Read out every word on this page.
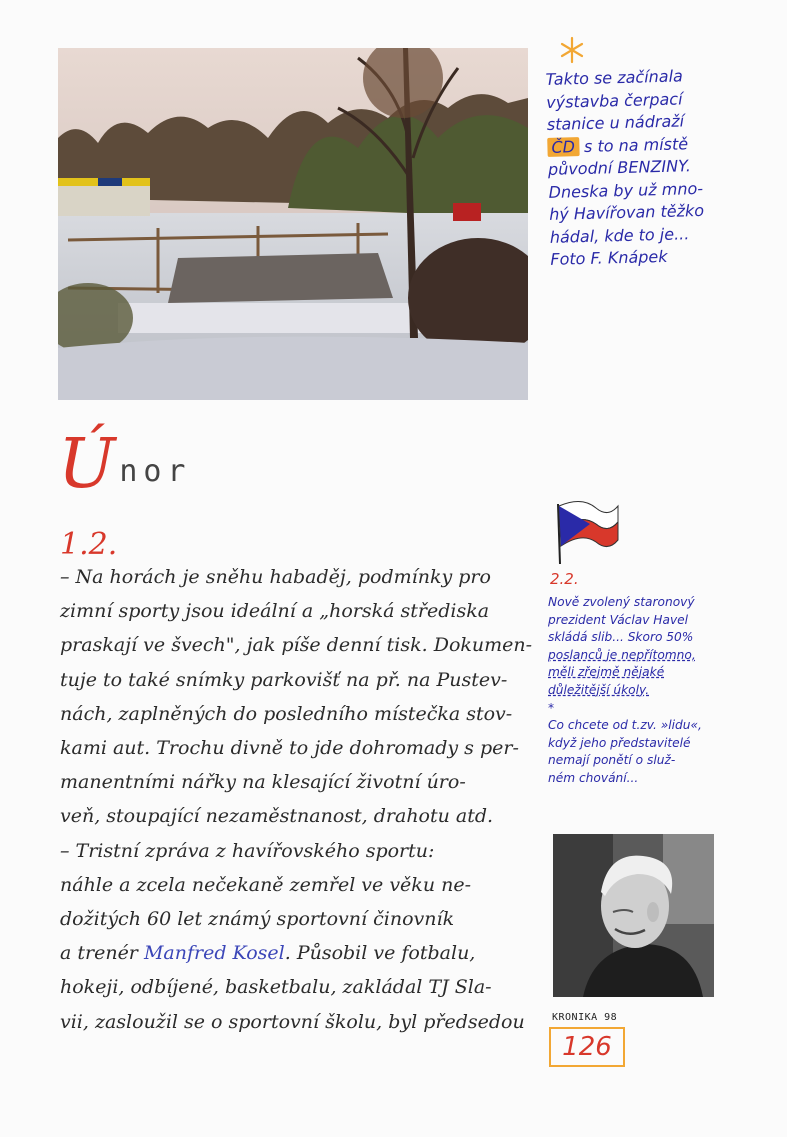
Takto se začínala
výstavba čerpací
stanice u nádraží
ČD s to na místě
původní BENZINY.
Dneska by už mno-
hý Havířovan těžko
hádal, kde to je...
Foto F. Knápek
Únor
1.2.
– Na horách je sněhu habaděj, podmínky pro
zimní sporty jsou ideální a „horská střediska
praskají ve švech", jak píše denní tisk. Dokumen-
tuje to také snímky parkovišť na př. na Pustev-
nách, zaplněných do posledního místečka stov-
kami aut. Trochu divně to jde dohromady s per-
manentními nářky na klesající životní úro-
veň, stoupající nezaměstnanost, drahotu atd.
– Tristní zpráva z havířovského sportu:
náhle a zcela nečekaně zemřel ve věku ne-
dožitých 60 let známý sportovní činovník
a trenér Manfred Kosel. Působil ve fotbalu,
hokeji, odbíjené, basketbalu, zakládal TJ Sla-
vii, zasloužil se o sportovní školu, byl předsedou
2.2.
Nově zvolený staronový
prezident Václav Havel
skládá slib... Skoro 50%
poslanců je nepřítomno,
měli zřejmě nějaké
důležitější úkoly.
*
Co chcete od t.zv. »lidu«,
když jeho představitelé
nemají ponětí o služ-
ném chování...
KRONIKA 98
126
